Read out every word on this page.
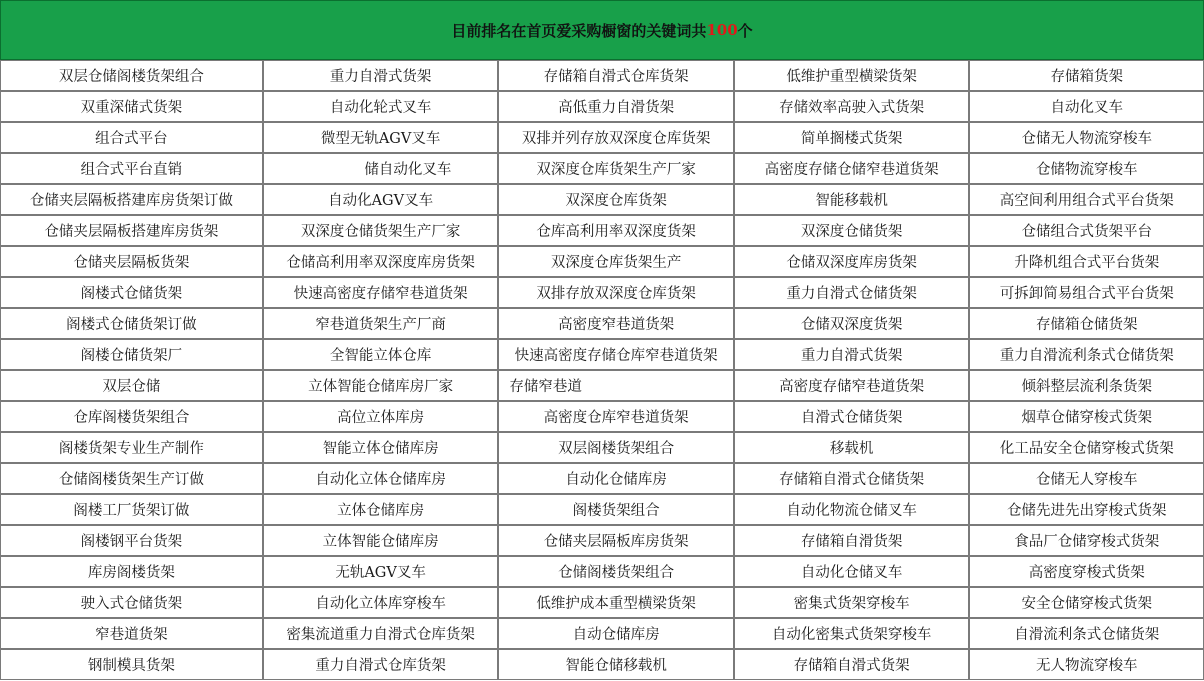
目前排名在首页爱采购橱窗的关键词共 100 个
双层仓储阁楼货架组合	重力自滑式货架	存储箱自滑式仓库货架	低维护重型横梁货架	存储箱货架
双重深储式货架	自动化轮式叉车	高低重力自滑货架	存储效率高驶入式货架	自动化叉车
组合式平台	微型无轨AGV叉车	双排并列存放双深度仓库货架	简单搁楼式货架	仓储无人物流穿梭车
组合式平台直销	储自动化叉车	双深度仓库货架生产厂家	高密度存储仓储窄巷道货架	仓储物流穿梭车
仓储夹层隔板搭建库房货架订做	自动化AGV叉车	双深度仓库货架	智能移载机	高空间利用组合式平台货架
仓储夹层隔板搭建库房货架	双深度仓储货架生产厂家	仓库高利用率双深度货架	双深度仓储货架	仓储组合式货架平台
仓储夹层隔板货架	仓储高利用率双深度库房货架	双深度仓库货架生产	仓储双深度库房货架	升降机组合式平台货架
阁楼式仓储货架	快速高密度存储窄巷道货架	双排存放双深度仓库货架	重力自滑式仓储货架	可拆卸简易组合式平台货架
阁楼式仓储货架订做	窄巷道货架生产厂商	高密度窄巷道货架	仓储双深度货架	存储箱仓储货架
阁楼仓储货架厂	全智能立体仓库	快速高密度存储仓库窄巷道货架	重力自滑式货架	重力自滑流利条式仓储货架
双层仓储	立体智能仓储库房厂家	存储窄巷道	高密度存储窄巷道货架	倾斜整层流利条货架
仓库阁楼货架组合	高位立体库房	高密度仓库窄巷道货架	自滑式仓储货架	烟草仓储穿梭式货架
阁楼货架专业生产制作	智能立体仓储库房	双层阁楼货架组合	移载机	化工品安全仓储穿梭式货架
仓储阁楼货架生产订做	自动化立体仓储库房	自动化仓储库房	存储箱自滑式仓储货架	仓储无人穿梭车
阁楼工厂货架订做	立体仓储库房	阁楼货架组合	自动化物流仓储叉车	仓储先进先出穿梭式货架
阁楼钢平台货架	立体智能仓储库房	仓储夹层隔板库房货架	存储箱自滑货架	食品厂仓储穿梭式货架
库房阁楼货架	无轨AGV叉车	仓储阁楼货架组合	自动化仓储叉车	高密度穿梭式货架
驶入式仓储货架	自动化立体库穿梭车	低维护成本重型横梁货架	密集式货架穿梭车	安全仓储穿梭式货架
窄巷道货架	密集流道重力自滑式仓库货架	自动仓储库房	自动化密集式货架穿梭车	自滑流利条式仓储货架
钢制模具货架	重力自滑式仓库货架	智能仓储移载机	存储箱自滑式货架	无人物流穿梭车
